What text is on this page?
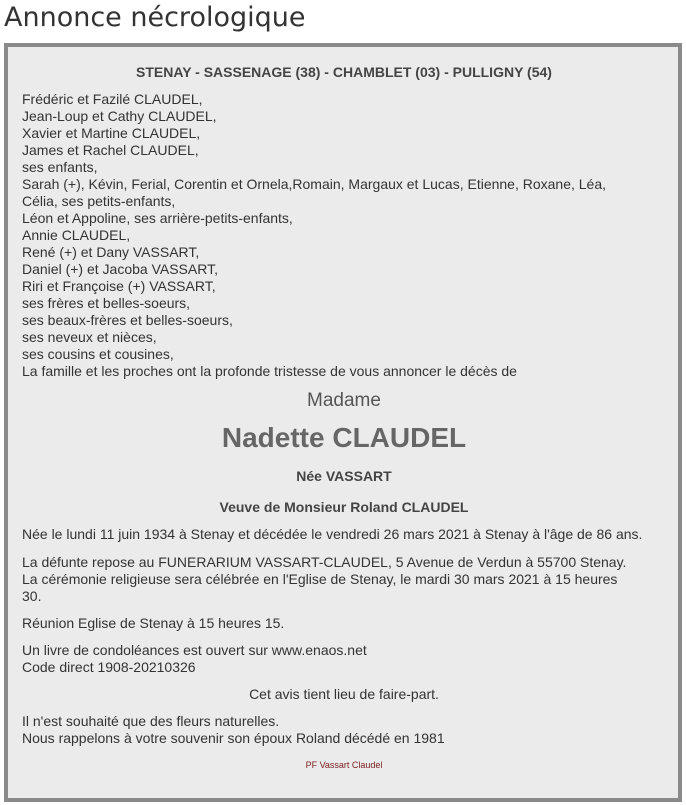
Annonce nécrologique
STENAY - SASSENAGE (38) - CHAMBLET (03) - PULLIGNY (54)
Frédéric et Fazilé CLAUDEL,
Jean-Loup et Cathy CLAUDEL,
Xavier et Martine CLAUDEL,
James et Rachel CLAUDEL,
ses enfants,
Sarah (+), Kévin, Ferial, Corentin et Ornela,Romain, Margaux et Lucas, Etienne, Roxane, Léa,
Célia, ses petits-enfants,
Léon et Appoline, ses arrière-petits-enfants,
Annie CLAUDEL,
René (+) et Dany VASSART,
Daniel (+) et Jacoba VASSART,
Riri et Françoise (+) VASSART,
ses frères et belles-soeurs,
ses beaux-frères et belles-soeurs,
ses neveux et nièces,
ses cousins et cousines,
La famille et les proches ont la profonde tristesse de vous annoncer le décès de
Madame
Nadette CLAUDEL
Née VASSART
Veuve de Monsieur Roland CLAUDEL
Née le lundi 11 juin 1934 à Stenay et décédée le vendredi 26 mars 2021 à Stenay à l'âge de 86 ans.
La défunte repose au FUNERARIUM VASSART-CLAUDEL, 5 Avenue de Verdun à 55700 Stenay.
La cérémonie religieuse sera célébrée en l'Eglise de Stenay, le mardi 30 mars 2021 à 15 heures
30.
Réunion Eglise de Stenay à 15 heures 15.
Un livre de condoléances est ouvert sur www.enaos.net
Code direct 1908-20210326
Cet avis tient lieu de faire-part.
Il n'est souhaité que des fleurs naturelles.
Nous rappelons à votre souvenir son époux Roland décédé en 1981
PF Vassart Claudel
